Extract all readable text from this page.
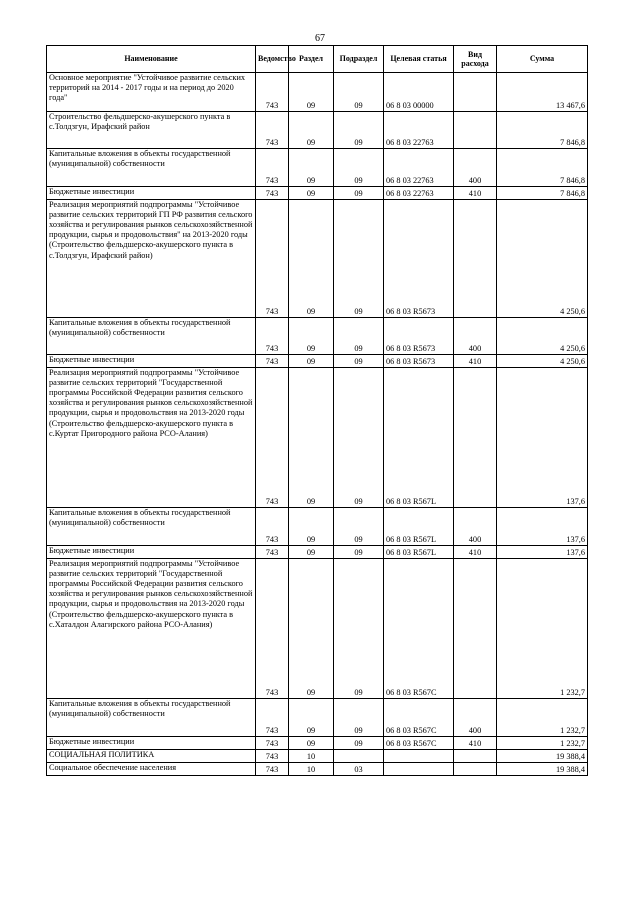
67
Наименование	Ведомство	Раздел	Подраздел	Целевая статья	Вид расхода	Сумма
Основное мероприятие "Устойчивое развитие сельских территорий на 2014 - 2017 годы и на период до 2020 года"	743	09	09	06 8 03 00000		13 467,6
Строительство фельдшерско-акушерского пункта в с.Толдзгун, Ирафский район	743	09	09	06 8 03 22763		7 846,8
Капитальные вложения в объекты государственной (муниципальной) собственности	743	09	09	06 8 03 22763	400	7 846,8
Бюджетные инвестиции	743	09	09	06 8 03 22763	410	7 846,8
Реализация мероприятий подпрограммы "Устойчивое развитие сельских территорий ГП РФ развития сельского хозяйства и регулирования рынков сельскохозяйственной продукции, сырья и продовольствия" на 2013-2020 годы (Строительство фельдшерско-акушерского пункта в с.Толдзгун, Ирафский район)	743	09	09	06 8 03 R5673		4 250,6
Капитальные вложения в объекты государственной (муниципальной) собственности	743	09	09	06 8 03 R5673	400	4 250,6
Бюджетные инвестиции	743	09	09	06 8 03 R5673	410	4 250,6
Реализация мероприятий подпрограммы "Устойчивое развитие сельских территорий "Государственной программы Российской Федерации развития сельского хозяйства и регулирования рынков сельскохозяйственной продукции, сырья и продовольствия на 2013-2020 годы (Строительство фельдшерско-акушерского пункта в с.Куртат Пригородного района РСО-Алания)	743	09	09	06 8 03 R567L		137,6
Капитальные вложения в объекты государственной (муниципальной) собственности	743	09	09	06 8 03 R567L	400	137,6
Бюджетные инвестиции	743	09	09	06 8 03 R567L	410	137,6
Реализация мероприятий подпрограммы "Устойчивое развитие сельских территорий "Государственной программы Российской Федерации развития сельского хозяйства и регулирования рынков сельскохозяйственной продукции, сырья и продовольствия на 2013-2020 годы (Строительство фельдшерско-акушерского пункта в с.Хаталдон Алагирского района РСО-Алания)	743	09	09	06 8 03 R567C		1 232,7
Капитальные вложения в объекты государственной (муниципальной) собственности	743	09	09	06 8 03 R567C	400	1 232,7
Бюджетные инвестиции	743	09	09	06 8 03 R567C	410	1 232,7
СОЦИАЛЬНАЯ ПОЛИТИКА	743	10				19 388,4
Социальное обеспечение населения	743	10	03			19 388,4
